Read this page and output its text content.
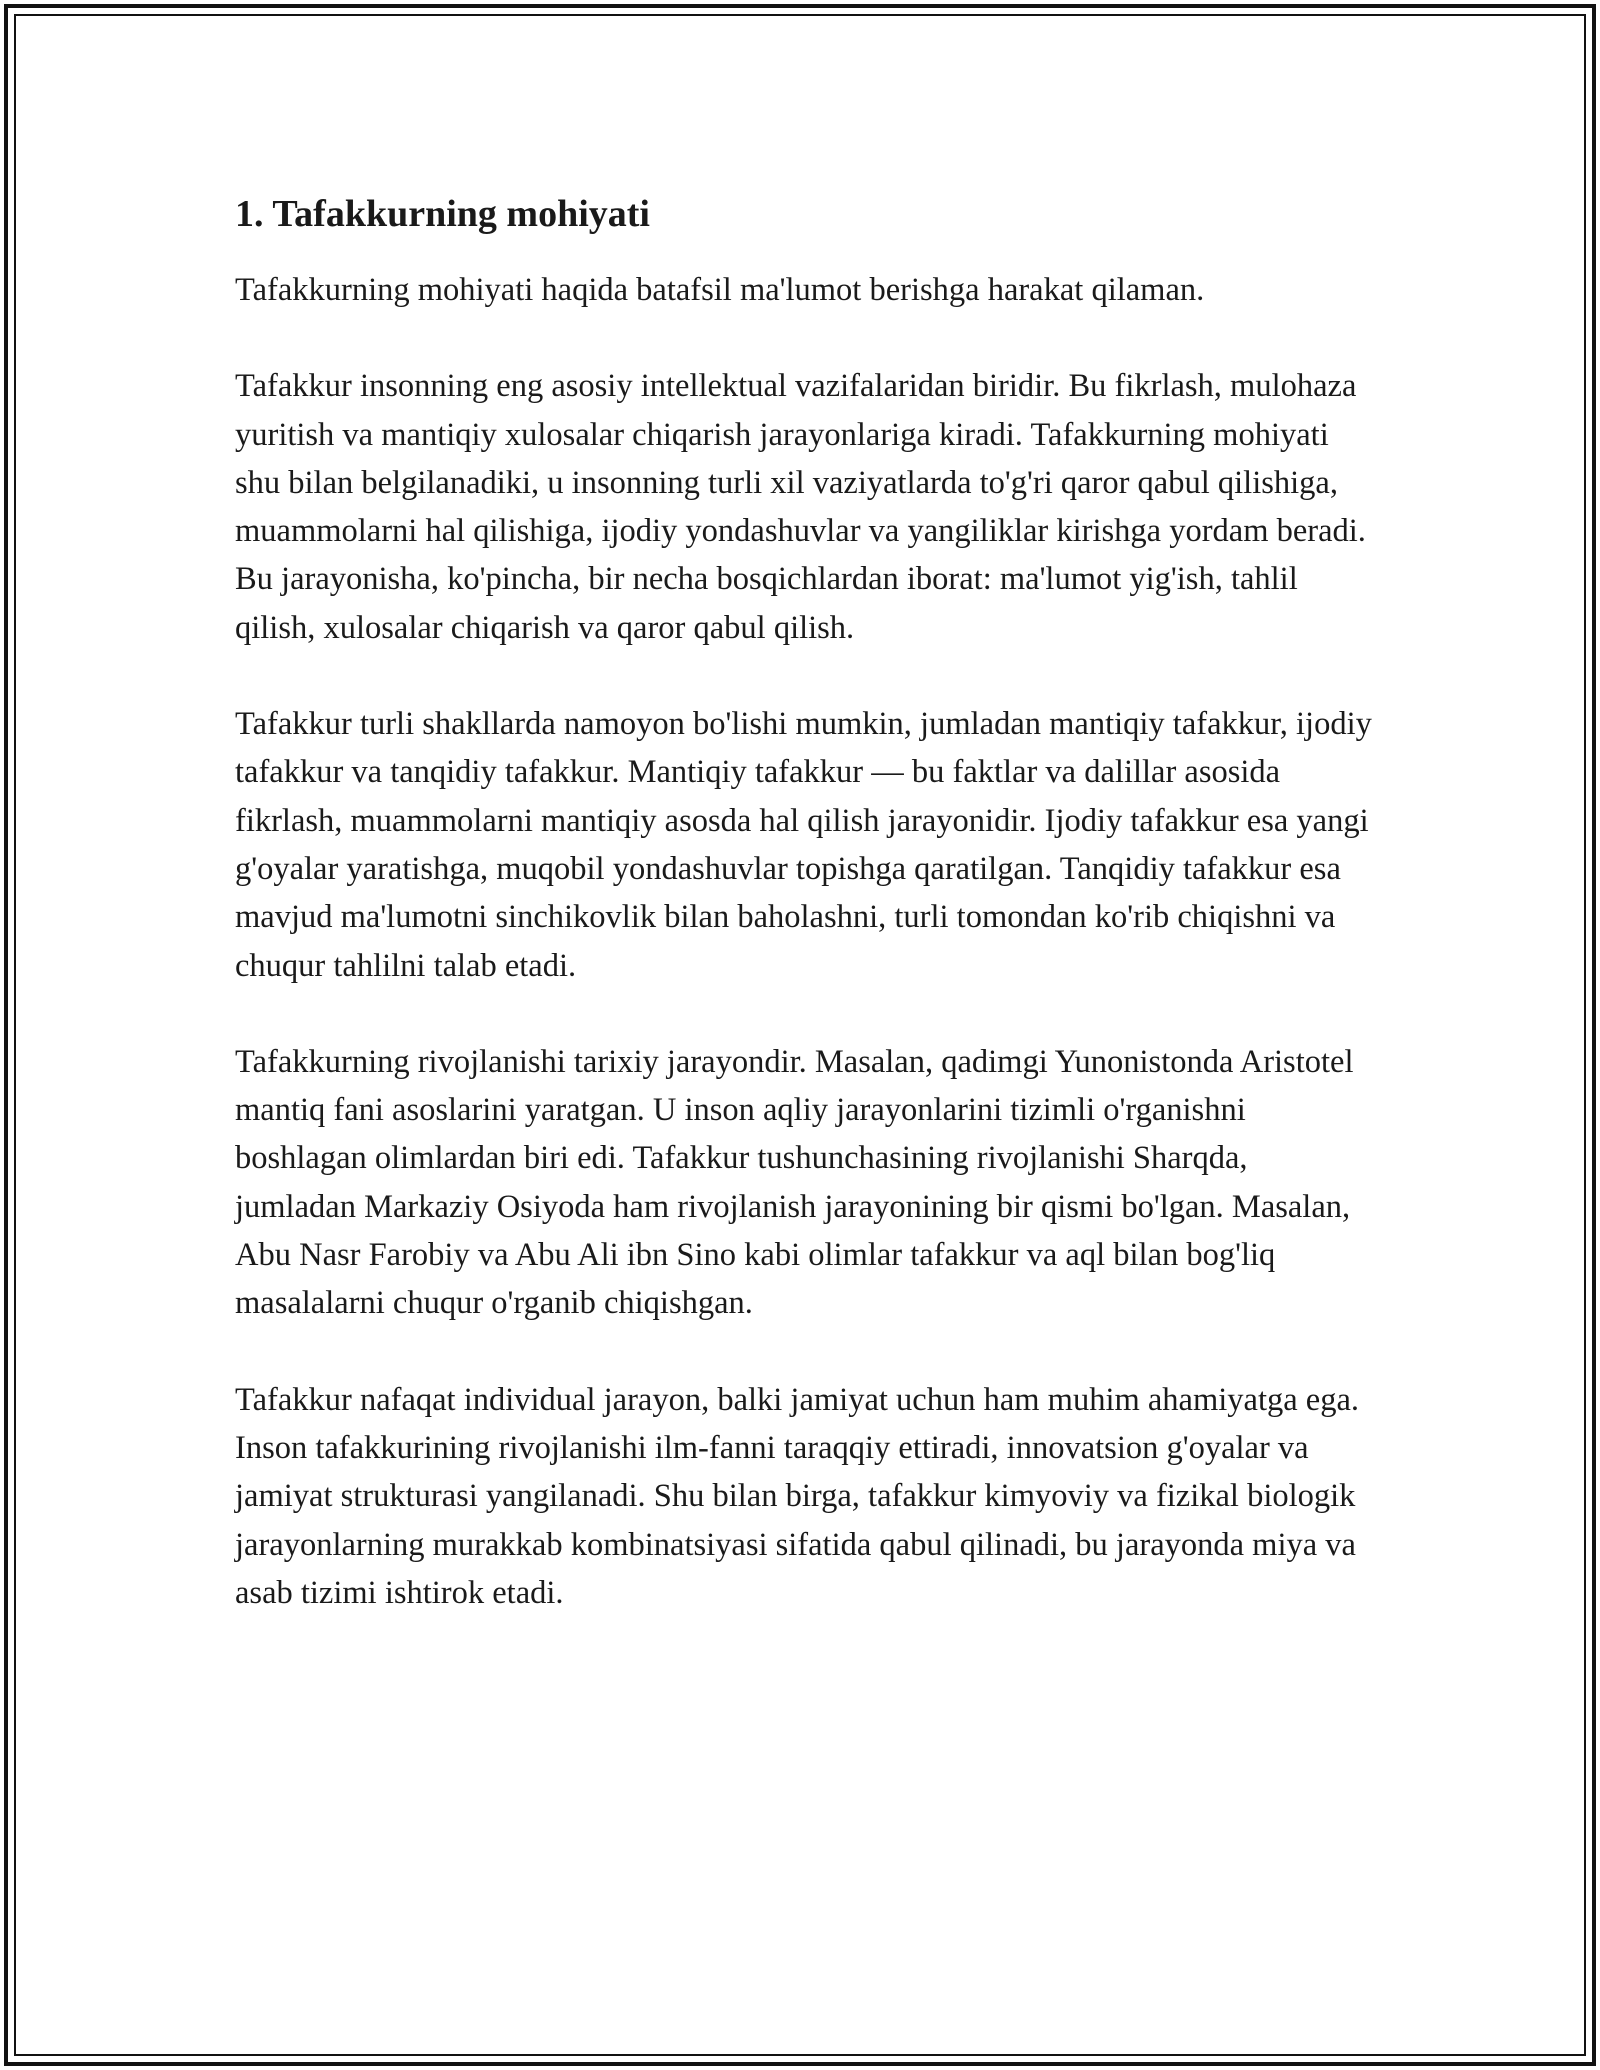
1. Tafakkurning mohiyati

Tafakkurning mohiyati haqida batafsil ma'lumot berishga harakat qilaman.

Tafakkur insonning eng asosiy intellektual vazifalaridan biridir. Bu fikrlash, mulohaza yuritish va mantiqiy xulosalar chiqarish jarayonlariga kiradi. Tafakkurning mohiyati shu bilan belgilanadiki, u insonning turli xil vaziyatlarda to'g'ri qaror qabul qilishiga, muammolarni hal qilishiga, ijodiy yondashuvlar va yangiliklar kirishga yordam beradi. Bu jarayonisha, ko'pincha, bir necha bosqichlardan iborat: ma'lumot yig'ish, tahlil qilish, xulosalar chiqarish va qaror qabul qilish.

Tafakkur turli shakllarda namoyon bo'lishi mumkin, jumladan mantiqiy tafakkur, ijodiy tafakkur va tanqidiy tafakkur. Mantiqiy tafakkur — bu faktlar va dalillar asosida fikrlash, muammolarni mantiqiy asosda hal qilish jarayonidir. Ijodiy tafakkur esa yangi g'oyalar yaratishga, muqobil yondashuvlar topishga qaratilgan. Tanqidiy tafakkur esa mavjud ma'lumotni sinchikovlik bilan baholashni, turli tomondan ko'rib chiqishni va chuqur tahlilni talab etadi.

Tafakkurning rivojlanishi tarixiy jarayondir. Masalan, qadimgi Yunonistonda Aristotel mantiq fani asoslarini yaratgan. U inson aqliy jarayonlarini tizimli o'rganishni boshlagan olimlardan biri edi. Tafakkur tushunchasining rivojlanishi Sharqda, jumladan Markaziy Osiyoda ham rivojlanish jarayonining bir qismi bo'lgan. Masalan, Abu Nasr Farobiy va Abu Ali ibn Sino kabi olimlar tafakkur va aql bilan bog'liq masalalarni chuqur o'rganib chiqishgan.

Tafakkur nafaqat individual jarayon, balki jamiyat uchun ham muhim ahamiyatga ega. Inson tafakkurining rivojlanishi ilm-fanni taraqqiy ettiradi, innovatsion g'oyalar va jamiyat strukturasi yangilanadi. Shu bilan birga, tafakkur kimyoviy va fizikal biologik jarayonlarning murakkab kombinatsiyasi sifatida qabul qilinadi, bu jarayonda miya va asab tizimi ishtirok etadi.
